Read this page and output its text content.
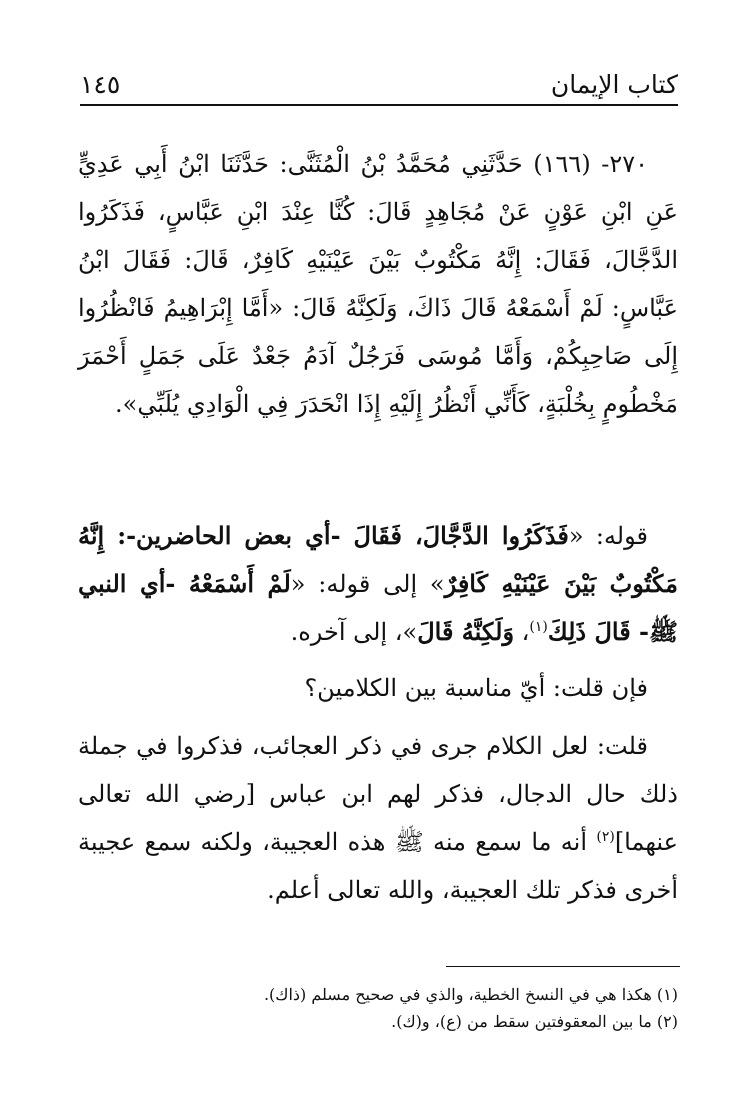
كتاب الإيمان
١٤٥

٢٧٠- (١٦٦) حَدَّثَنِي مُحَمَّدُ بْنُ الْمُثَنَّى: حَدَّثَنَا ابْنُ أَبِي عَدِيٍّ عَنِ ابْنِ عَوْنٍ عَنْ مُجَاهِدٍ قَالَ: كُنَّا عِنْدَ ابْنِ عَبَّاسٍ، فَذَكَرُوا الدَّجَّالَ، فَقَالَ: إِنَّهُ مَكْتُوبٌ بَيْنَ عَيْنَيْهِ كَافِرٌ، قَالَ: فَقَالَ ابْنُ عَبَّاسٍ: لَمْ أَسْمَعْهُ قَالَ ذَاكَ، وَلَكِنَّهُ قَالَ: «أَمَّا إِبْرَاهِيمُ فَانْظُرُوا إِلَى صَاحِبِكُمْ، وَأَمَّا مُوسَى فَرَجُلٌ آدَمُ جَعْدٌ عَلَى جَمَلٍ أَحْمَرَ مَخْطُومٍ بِخُلْبَةٍ، كَأَنِّي أَنْظُرُ إِلَيْهِ إِذَا انْحَدَرَ فِي الْوَادِي يُلَبِّي».

قوله: «فَذَكَرُوا الدَّجَّالَ، فَقَالَ -أي بعض الحاضرين-: إِنَّهُ مَكْتُوبٌ بَيْنَ عَيْنَيْهِ كَافِرٌ» إلى قوله: «لَمْ أَسْمَعْهُ -أي النبي ﷺ- قَالَ ذَلِكَ$^{(١)}$، وَلَكِنَّهُ قَالَ»، إلى آخره.

فإن قلت: أيّ مناسبة بين الكلامين؟

قلت: لعل الكلام جرى في ذكر العجائب، فذكروا في جملة ذلك حال الدجال، فذكر لهم ابن عباس [رضي الله تعالى عنهما]$^{(٢)}$ أنه ما سمع منه ﷺ هذه العجيبة، ولكنه سمع عجيبة أخرى فذكر تلك العجيبة، والله تعالى أعلم.

(١) هكذا هي في النسخ الخطية، والذي في صحيح مسلم (ذاك).

(٢) ما بين المعقوفتين سقط من (ع)، و(ك).
